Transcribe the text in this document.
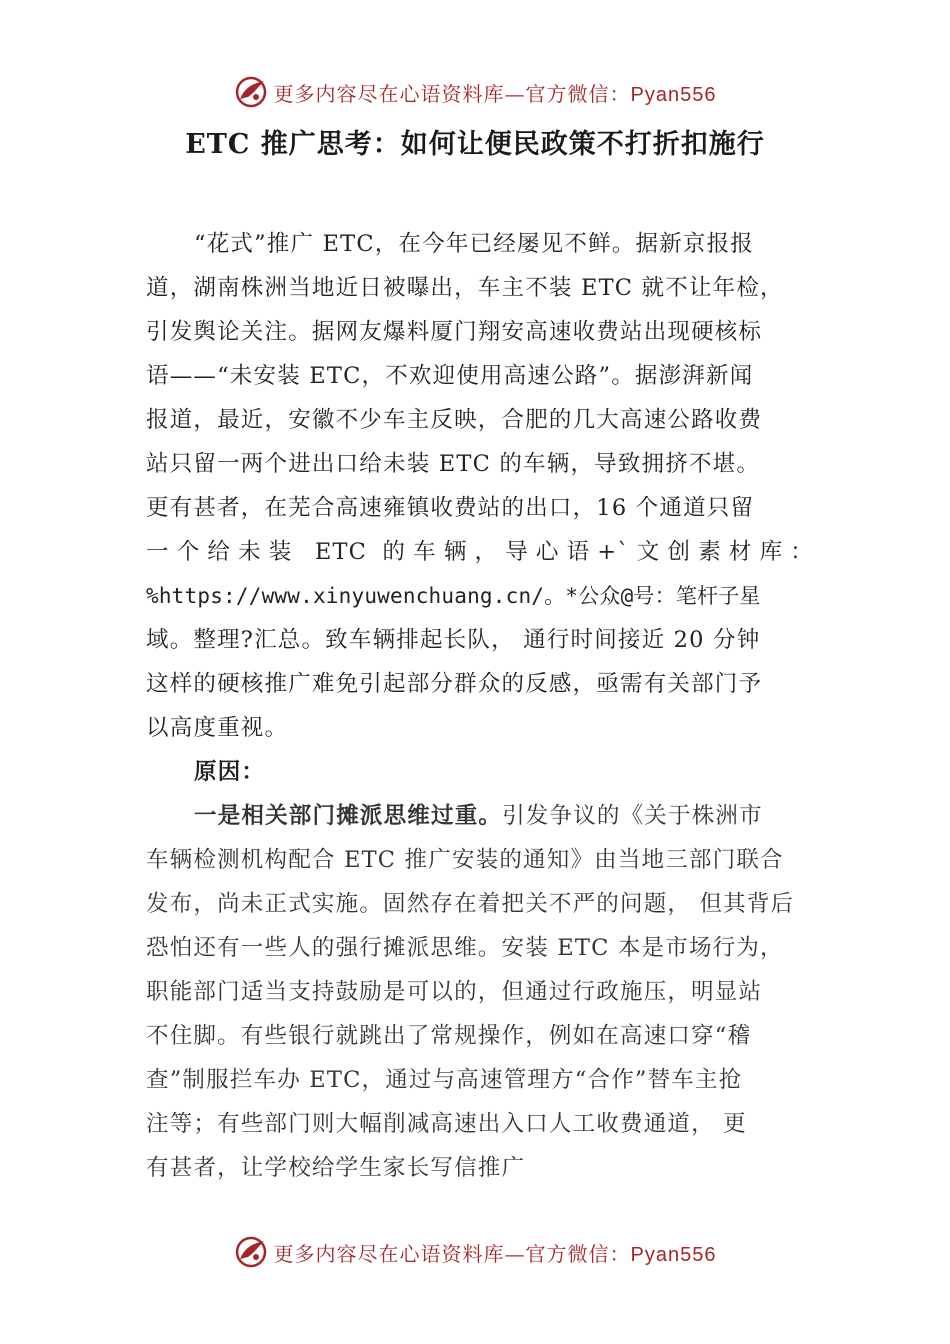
更多内容尽在心语资料库—官方微信：Pyan556
ETC 推广思考：如何让便民政策不打折扣施行
“花式”推广 ETC，在今年已经屡见不鲜。据新京报报
道，湖南株洲当地近日被曝出，车主不装 ETC 就不让年检，
引发舆论关注。据网友爆料厦门翔安高速收费站出现硬核标
语——“未安装 ETC，不欢迎使用高速公路”。据澎湃新闻
报道，最近，安徽不少车主反映，合肥的几大高速公路收费
站只留一两个进出口给未装 ETC 的车辆，导致拥挤不堪。
更有甚者，在芜合高速雍镇收费站的出口，16 个通道只留
一个给未装 ETC 的车辆，导心语+`文创素材库：
%https://www.xinyuwenchuang.cn/。*公众@号：笔杆子星
域。整理?汇总。致车辆排起长队， 通行时间接近 20 分钟
这样的硬核推广难免引起部分群众的反感，亟需有关部门予
以高度重视。
原因：
一是相关部门摊派思维过重。引发争议的《关于株洲市
车辆检测机构配合 ETC 推广安装的通知》由当地三部门联合
发布，尚未正式实施。固然存在着把关不严的问题， 但其背后
恐怕还有一些人的强行摊派思维。安装 ETC 本是市场行为，
职能部门适当支持鼓励是可以的，但通过行政施压，明显站
不住脚。有些银行就跳出了常规操作，例如在高速口穿“稽
查”制服拦车办 ETC，通过与高速管理方“合作”替车主抢
注等；有些部门则大幅削减高速出入口人工收费通道， 更
有甚者，让学校给学生家长写信推广
更多内容尽在心语资料库—官方微信：Pyan556
